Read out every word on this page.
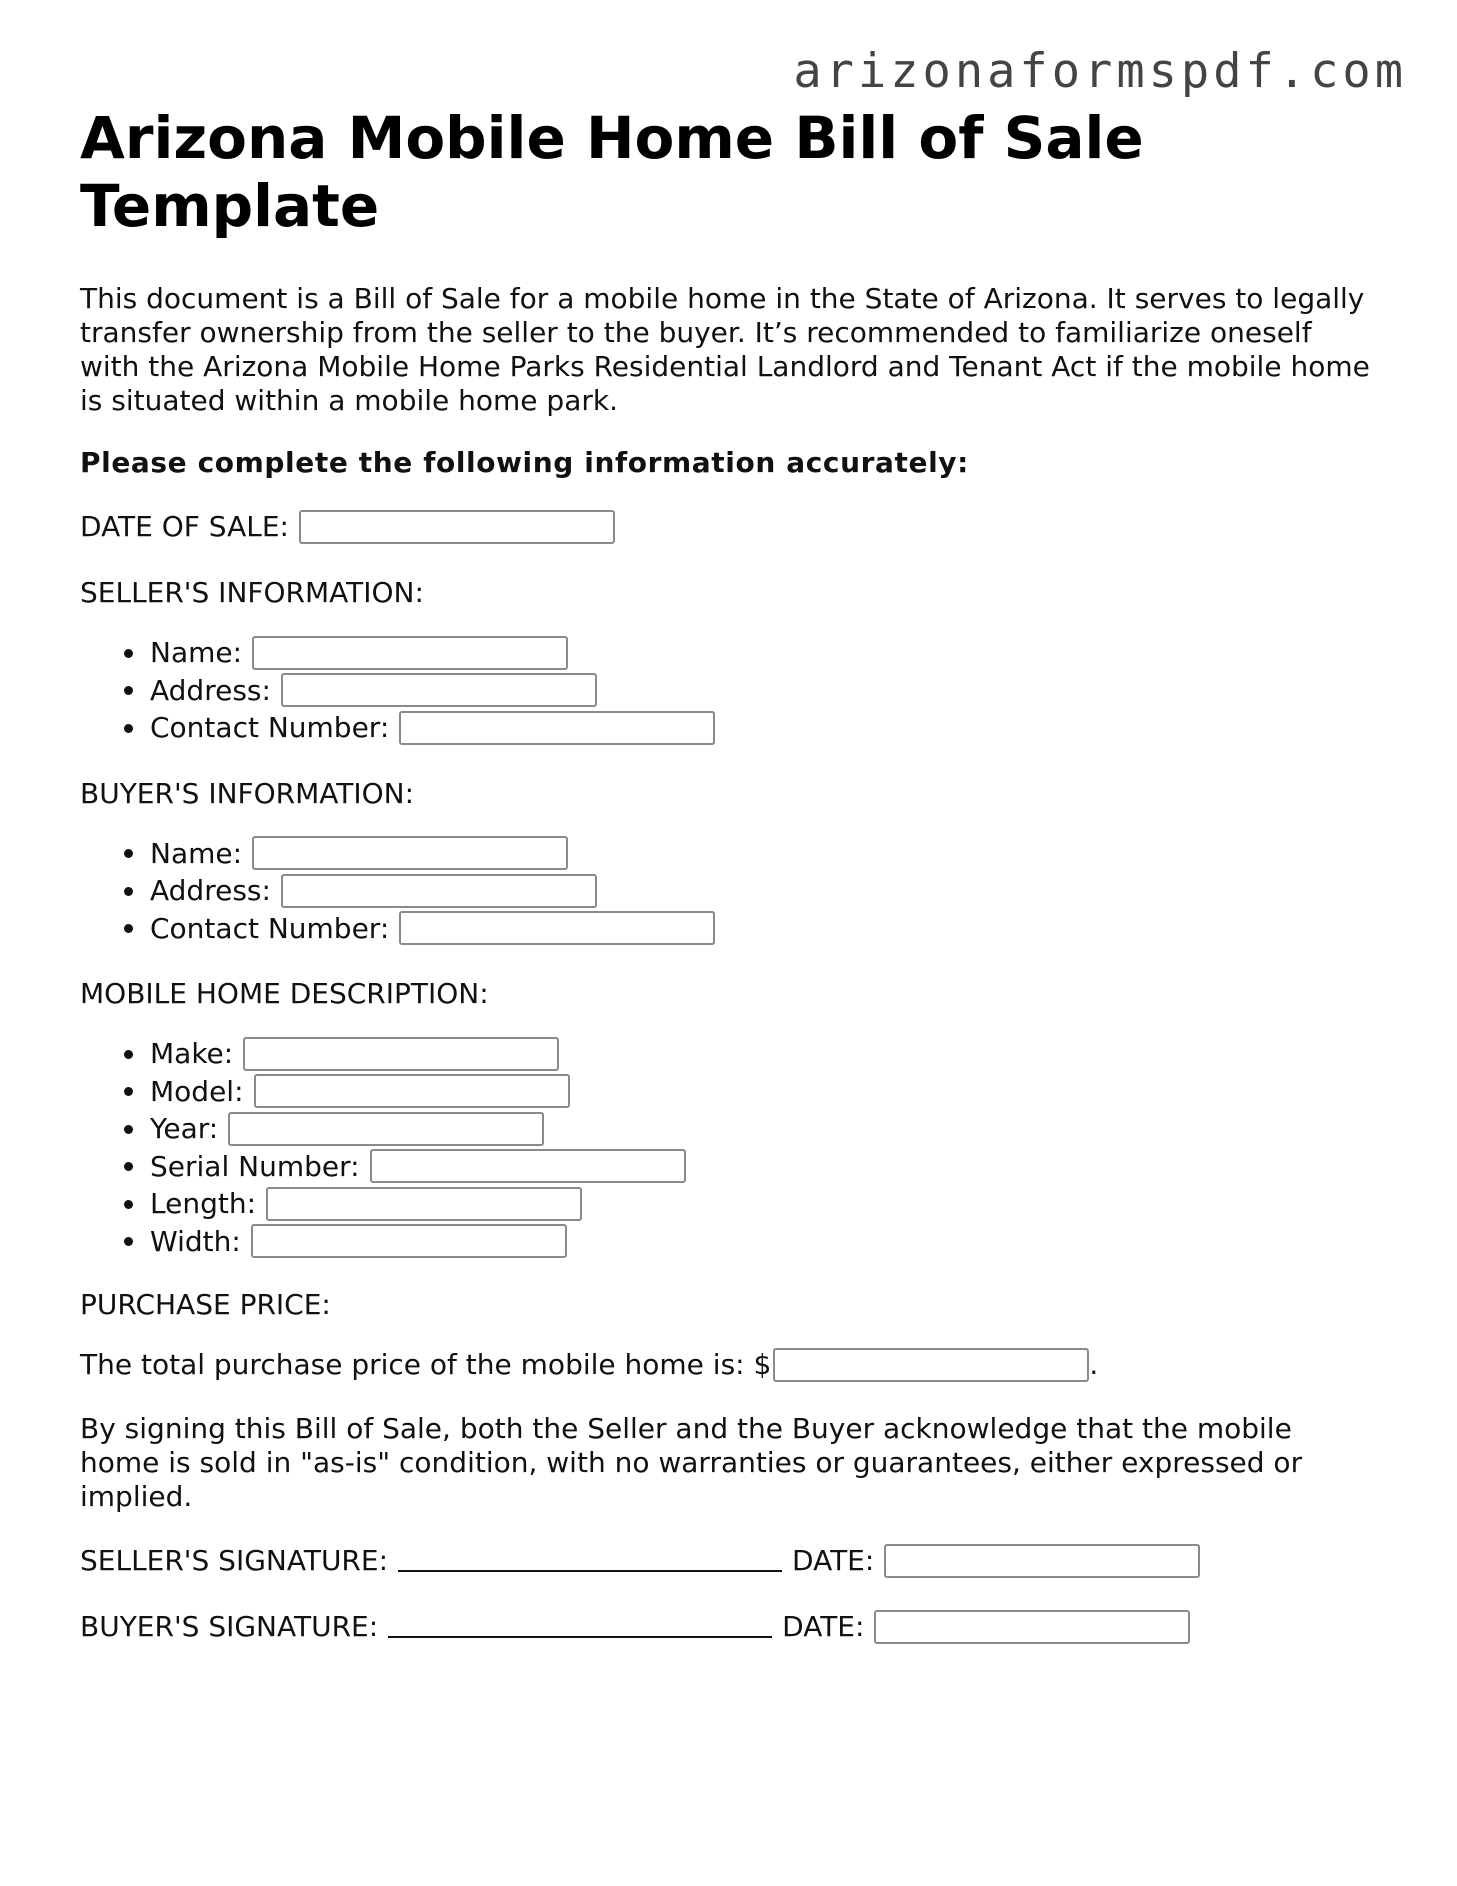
arizonaformspdf.com
Arizona Mobile Home Bill of Sale Template

This document is a Bill of Sale for a mobile home in the State of Arizona. It serves to legally transfer ownership from the seller to the buyer. It’s recommended to familiarize oneself with the Arizona Mobile Home Parks Residential Landlord and Tenant Act if the mobile home is situated within a mobile home park.

Please complete the following information accurately:

DATE OF SALE:

SELLER'S INFORMATION:

Name:
Address:
Contact Number:

BUYER'S INFORMATION:

Name:
Address:
Contact Number:

MOBILE HOME DESCRIPTION:

Make:
Model:
Year:
Serial Number:
Length:
Width:

PURCHASE PRICE:

The total purchase price of the mobile home is: $	.

By signing this Bill of Sale, both the Seller and the Buyer acknowledge that the mobile home is sold in "as-is" condition, with no warranties or guarantees, either expressed or implied.

SELLER'S SIGNATURE:	DATE:
BUYER'S SIGNATURE:	DATE:
